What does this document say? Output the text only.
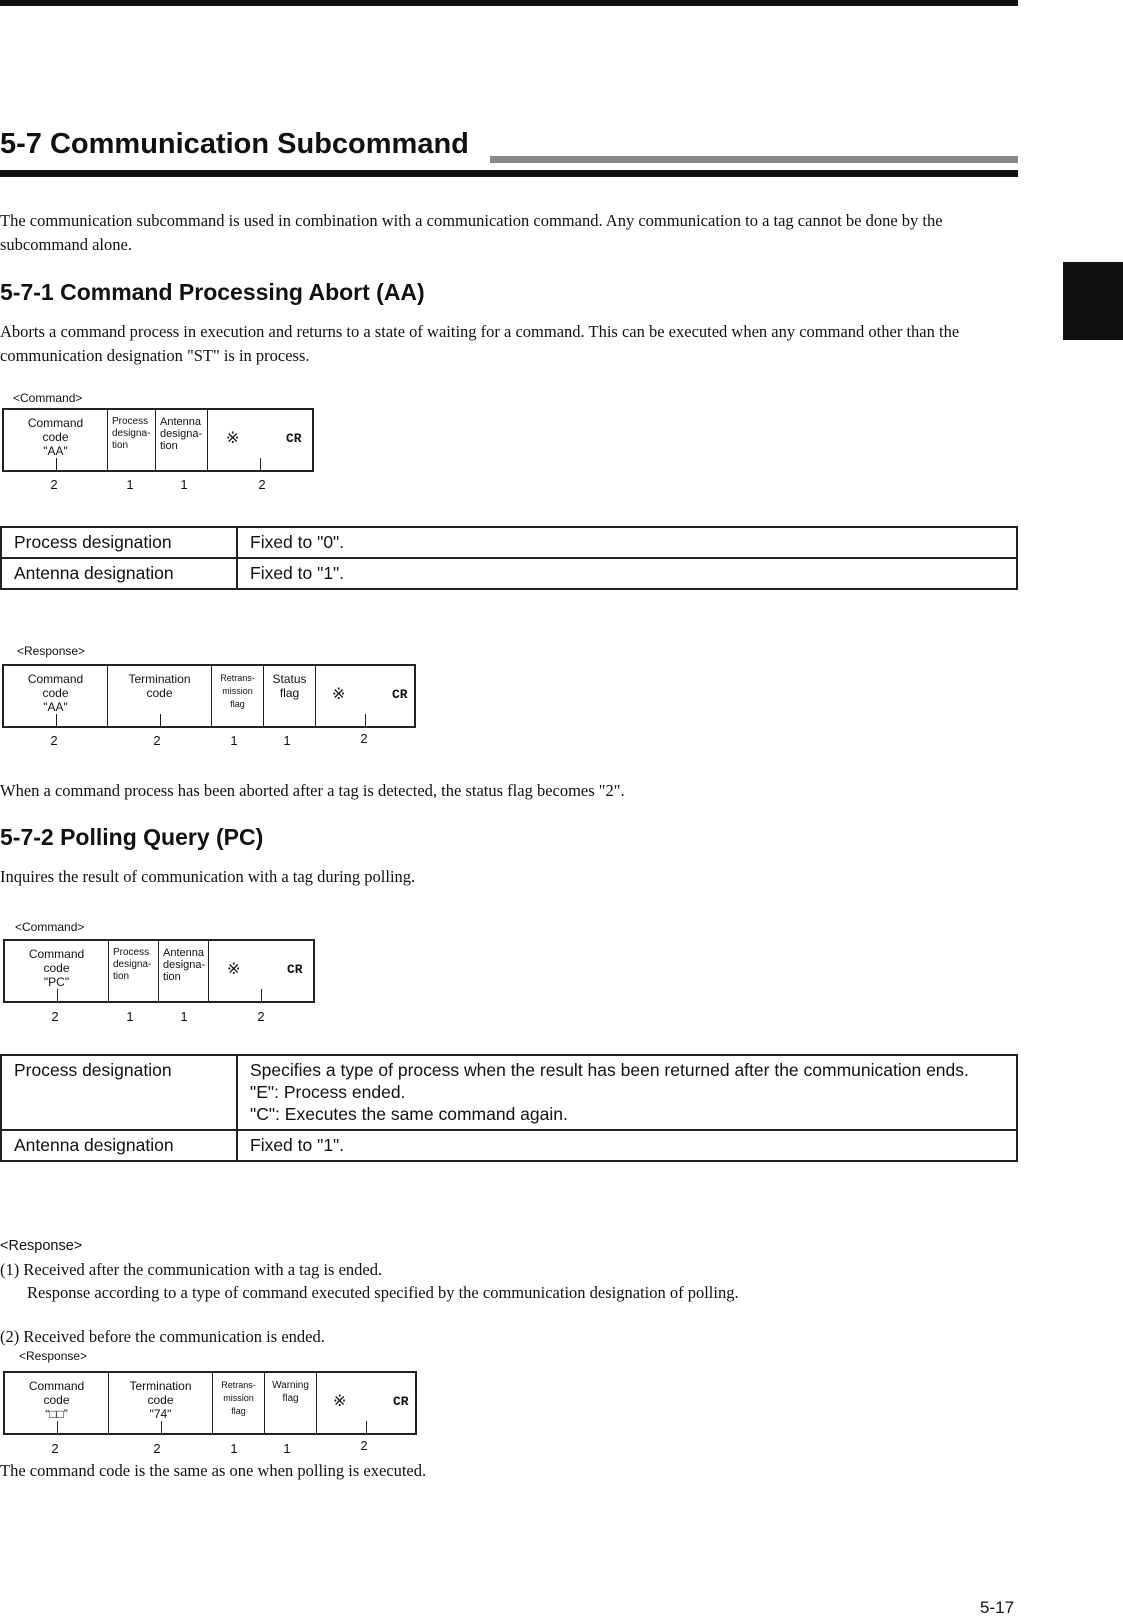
5-7 Communication Subcommand
The communication subcommand is used in combination with a communication command. Any communication to a tag cannot be done by the subcommand alone.
5-7-1 Command Processing Abort (AA)
Aborts a command process in execution and returns to a state of waiting for a command. This can be executed when any command other than the communication designation "ST" is in process.
<Command>
Command
code
"AA"
Process
designa-
tion
Antenna
designa-
tion	※	CR
2	1	1	2
Process designation	Fixed to "0".
Antenna designation	Fixed to "1".
<Response>
Command
code
"AA"
Termination
code
Retrans-
mission
flag
Status
flag	※	CR
2	2	1	1	2
When a command process has been aborted after a tag is detected, the status flag becomes "2".
5-7-2 Polling Query (PC)
Inquires the result of communication with a tag during polling.
<Command>
Command
code
"PC"
Process
designa-
tion
Antenna
designa-
tion	※	CR
2	1	1	2
Process designation	Specifies a type of process when the result has been returned after the communication ends.
"E": Process ended.
"C": Executes the same command again.

Antenna designation	Fixed to "1".
<Response>
(1) Received after the communication with a tag is ended.
Response according to a type of command executed specified by the communication designation of polling.
(2) Received before the communication is ended.
<Response>
Command
code
“□□”
Termination
code
"74"
Retrans-
mission
flag
Warning
flag	※	CR
2	2	1	1	2
The command code is the same as one when polling is executed.
5-17
